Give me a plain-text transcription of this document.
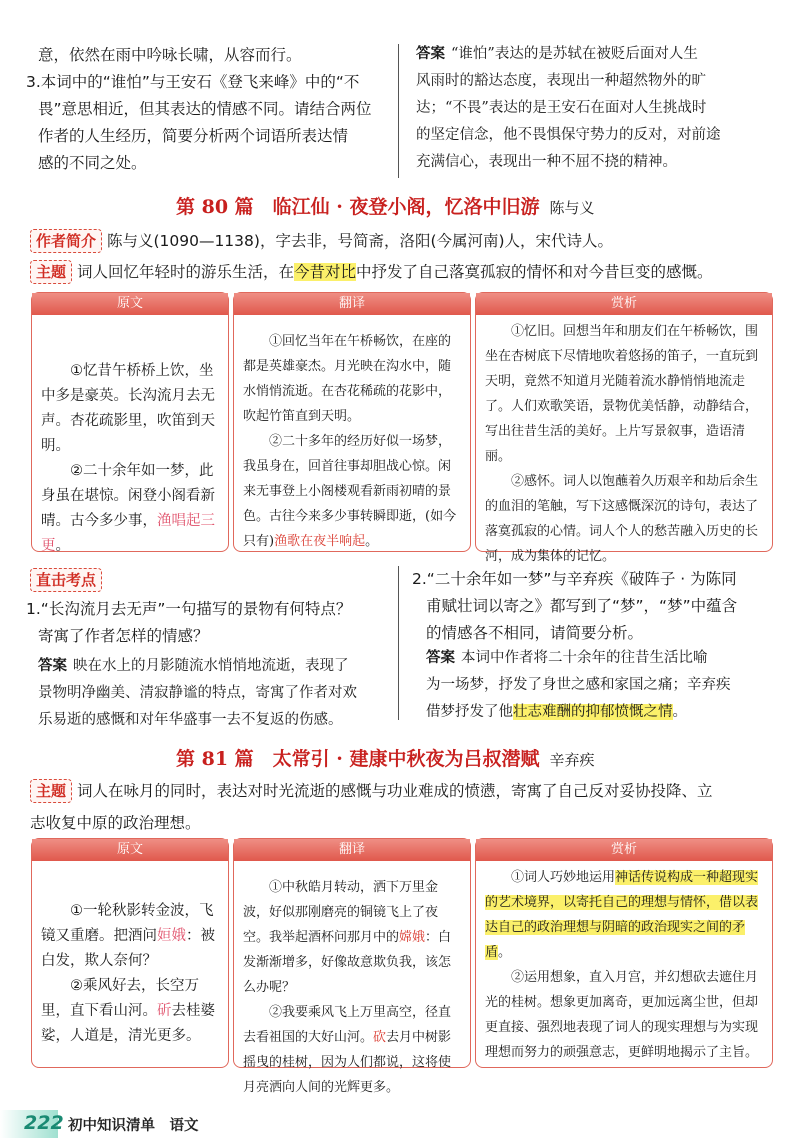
意，依然在雨中吟咏长啸，从容而行。
3.本词中的“谁怕”与王安石《登飞来峰》中的“不
畏”意思相近，但其表达的情感不同。请结合两位
作者的人生经历，简要分析两个词语所表达情
感的不同之处。
答案 “谁怕”表达的是苏轼在被贬后面对人生
风雨时的豁达态度，表现出一种超然物外的旷
达；“不畏”表达的是王安石在面对人生挑战时
的坚定信念，他不畏惧保守势力的反对，对前途
充满信心，表现出一种不屈不挠的精神。
第 80 篇　临江仙 · 夜登小阁，忆洛中旧游 陈与义
作者简介 陈与义(1090—1138)，字去非，号简斋，洛阳(今属河南)人，宋代诗人。
主题 词人回忆年轻时的游乐生活，在今昔对比中抒发了自己落寞孤寂的情怀和对今昔巨变的感慨。
原文
①忆昔午桥桥上饮，坐中多是豪英。长沟流月去无声。杏花疏影里，吹笛到天明。
②二十余年如一梦，此身虽在堪惊。闲登小阁看新晴。古今多少事，渔唱起三更。
翻译
①回忆当年在午桥畅饮，在座的都是英雄豪杰。月光映在沟水中，随水悄悄流逝。在杏花稀疏的花影中，吹起竹笛直到天明。
②二十多年的经历好似一场梦，我虽身在，回首往事却胆战心惊。闲来无事登上小阁楼观看新雨初晴的景色。古往今来多少事转瞬即逝，(如今只有)渔歌在夜半响起。
赏析
①忆旧。回想当年和朋友们在午桥畅饮，围坐在杏树底下尽情地吹着悠扬的笛子，一直玩到天明，竟然不知道月光随着流水静悄悄地流走了。人们欢歌笑语，景物优美恬静，动静结合，写出往昔生活的美好。上片写景叙事，造语清丽。
②感怀。词人以饱蘸着久历艰辛和劫后余生的血泪的笔触，写下这感慨深沉的诗句，表达了落寞孤寂的心情。词人个人的愁苦融入历史的长河，成为集体的记忆。
直击考点
1.“长沟流月去无声”一句描写的景物有何特点？
寄寓了作者怎样的情感？
答案 映在水上的月影随流水悄悄地流逝，表现了
景物明净幽美、清寂静谧的特点，寄寓了作者对欢
乐易逝的感慨和对年华盛事一去不复返的伤感。
2.“二十余年如一梦”与辛弃疾《破阵子 · 为陈同
甫赋壮词以寄之》都写到了“梦”，“梦”中蕴含
的情感各不相同，请简要分析。
答案 本词中作者将二十余年的往昔生活比喻
为一场梦，抒发了身世之感和家国之痛；辛弃疾
借梦抒发了他壮志难酬的抑郁愤慨之情。
第 81 篇　太常引 · 建康中秋夜为吕叔潜赋 辛弃疾
主题 词人在咏月的同时，表达对时光流逝的感慨与功业难成的愤懑，寄寓了自己反对妥协投降、立
志收复中原的政治理想。
原文
①一轮秋影转金波，飞镜又重磨。把酒问姮娥：被白发，欺人奈何？
②乘风好去，长空万里，直下看山河。斫去桂婆娑，人道是，清光更多。
翻译
①中秋皓月转动，洒下万里金波，好似那刚磨亮的铜镜飞上了夜空。我举起酒杯问那月中的嫦娥：白发渐渐增多，好像故意欺负我，该怎么办呢？
②我要乘风飞上万里高空，径直去看祖国的大好山河。砍去月中树影摇曳的桂树，因为人们都说，这将使月亮洒向人间的光辉更多。
赏析
①词人巧妙地运用神话传说构成一种超现实的艺术境界，以寄托自己的理想与情怀，借以表达自己的政治理想与阴暗的政治现实之间的矛盾。
②运用想象，直入月宫，并幻想砍去遮住月光的桂树。想象更加离奇，更加远离尘世，但却更直接、强烈地表现了词人的现实理想与为实现理想而努力的顽强意志，更鲜明地揭示了主旨。
222 初中知识清单　语文
